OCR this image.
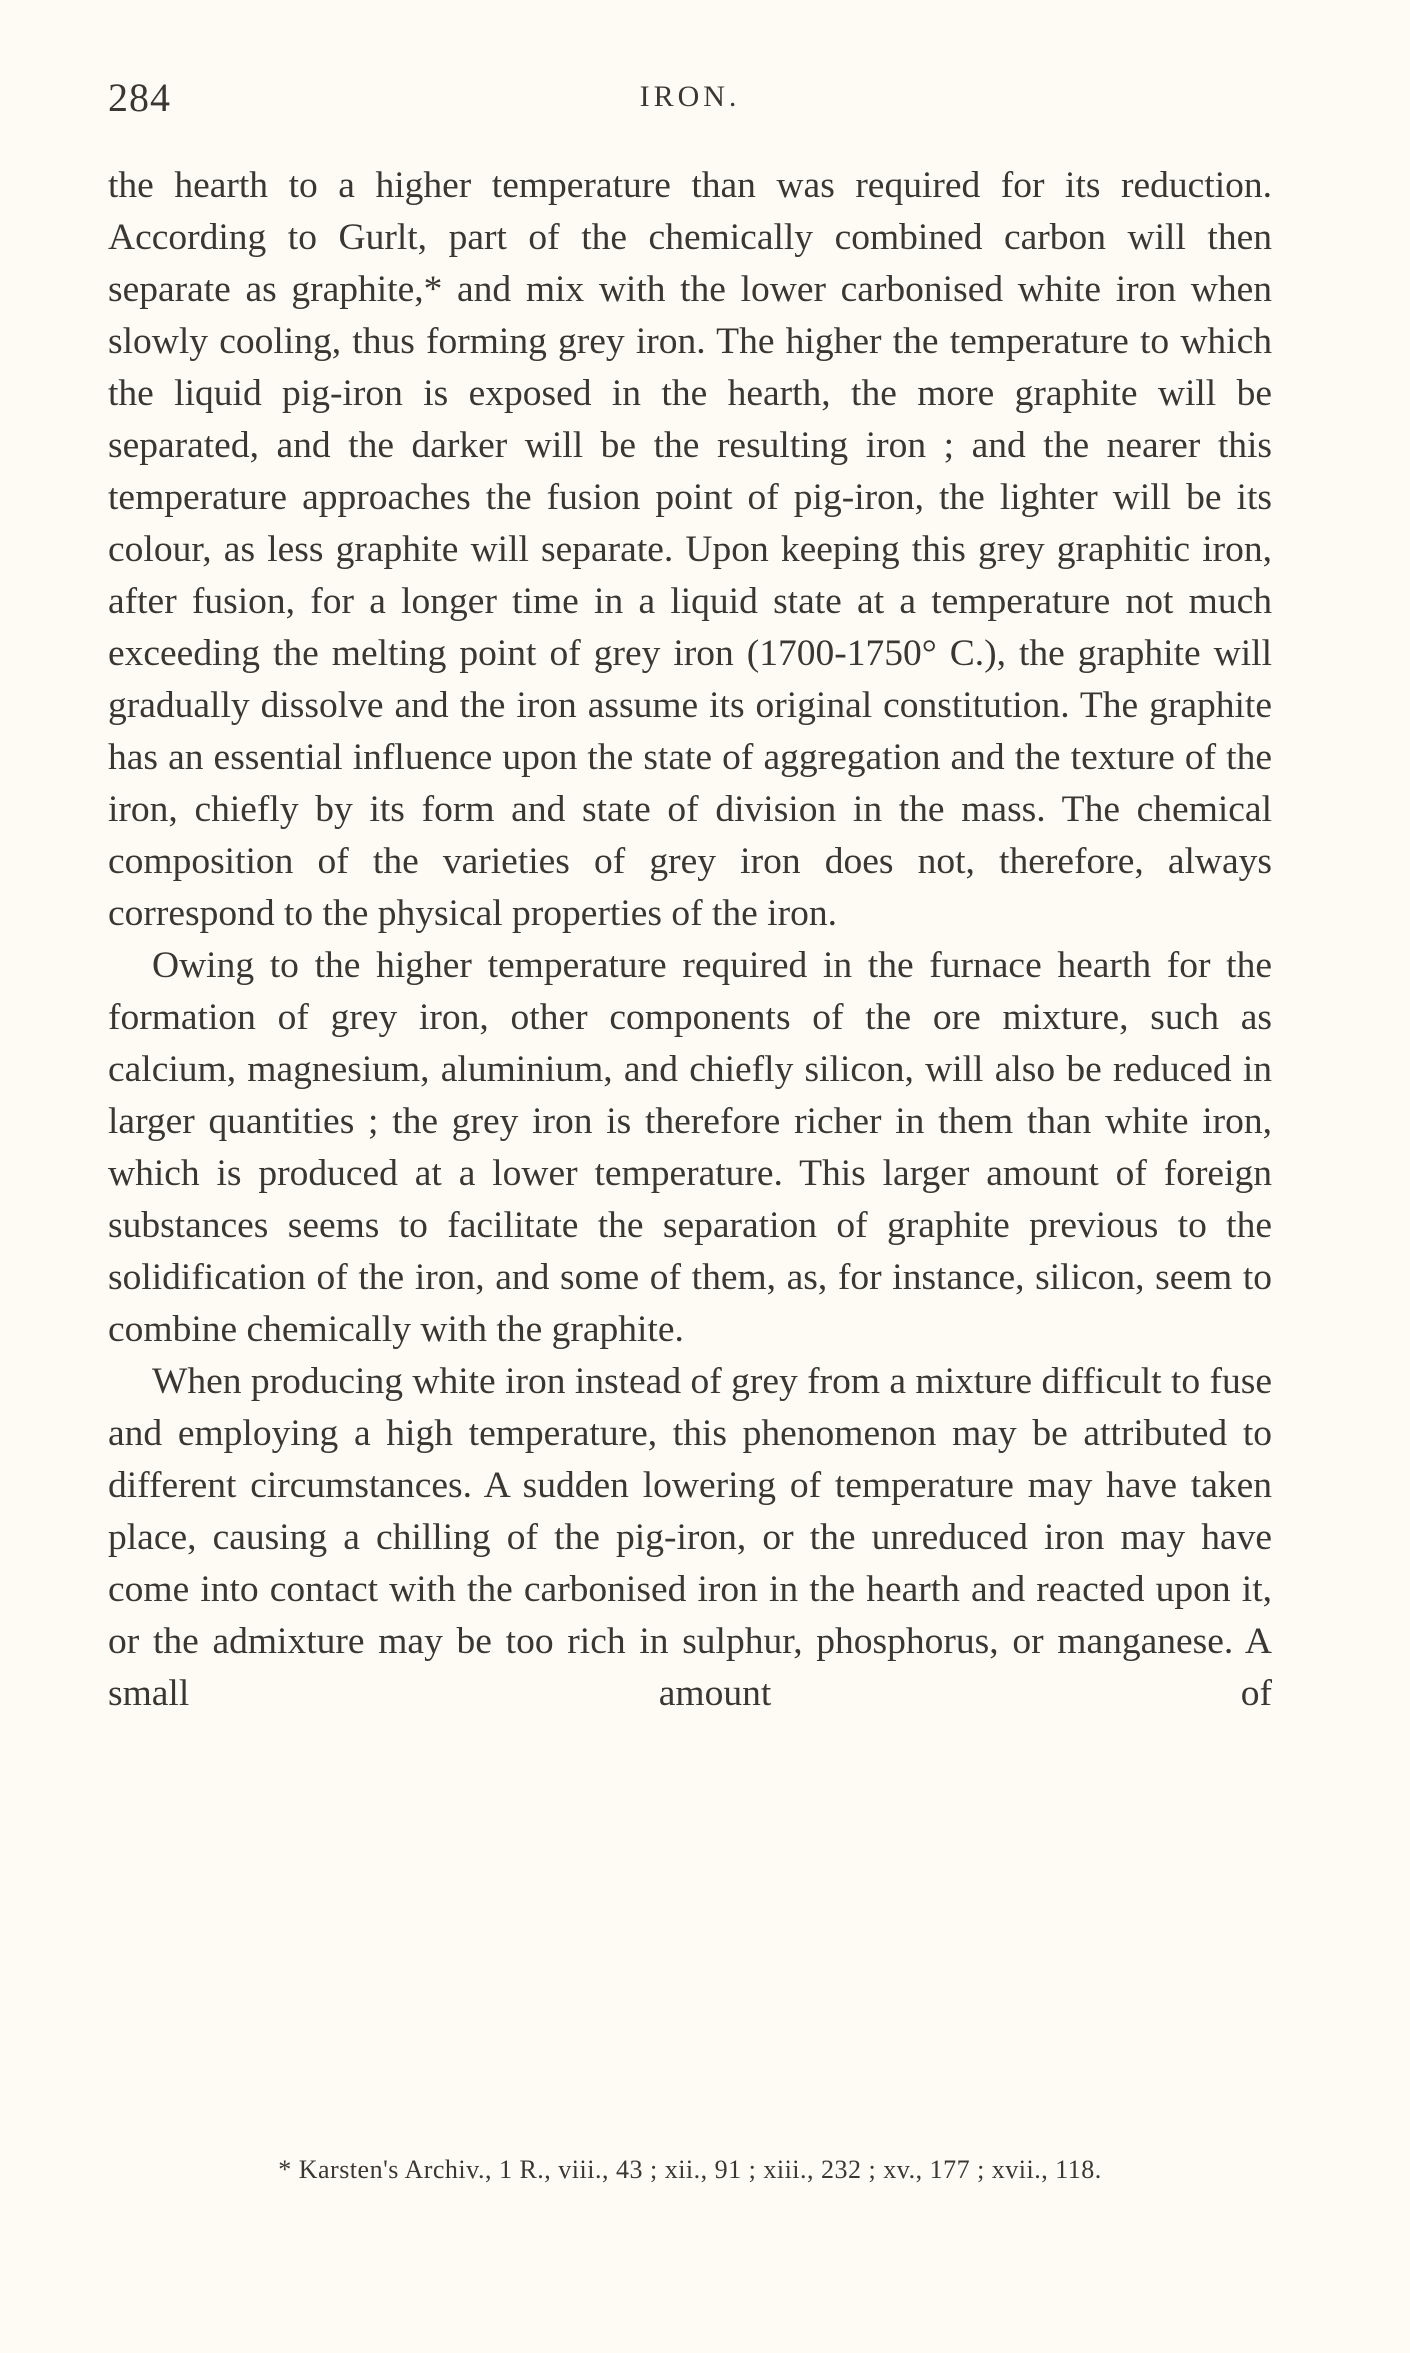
284	IRON.

the hearth to a higher temperature than was required for its reduction. According to Gurlt, part of the chemically combined carbon will then separate as graphite,* and mix with the lower carbonised white iron when slowly cooling, thus forming grey iron. The higher the temperature to which the liquid pig-iron is exposed in the hearth, the more graphite will be separated, and the darker will be the resulting iron ; and the nearer this temperature approaches the fusion point of pig-iron, the lighter will be its colour, as less graphite will separate. Upon keeping this grey graphitic iron, after fusion, for a longer time in a liquid state at a temperature not much exceeding the melting point of grey iron (1700-1750° C.), the graphite will gradually dissolve and the iron assume its original constitution. The graphite has an essential influence upon the state of aggregation and the texture of the iron, chiefly by its form and state of division in the mass. The chemical composition of the varieties of grey iron does not, therefore, always correspond to the physical properties of the iron.

Owing to the higher temperature required in the furnace hearth for the formation of grey iron, other components of the ore mixture, such as calcium, magnesium, aluminium, and chiefly silicon, will also be reduced in larger quantities ; the grey iron is therefore richer in them than white iron, which is produced at a lower temperature. This larger amount of foreign substances seems to facilitate the separation of graphite previous to the solidification of the iron, and some of them, as, for instance, silicon, seem to combine chemically with the graphite.

When producing white iron instead of grey from a mixture difficult to fuse and employing a high temperature, this phenomenon may be attributed to different circumstances. A sudden lowering of temperature may have taken place, causing a chilling of the pig-iron, or the unreduced iron may have come into contact with the carbonised iron in the hearth and reacted upon it, or the admixture may be too rich in sulphur, phosphorus, or manganese. A small amount of

* Karsten's Archiv., 1 R., viii., 43 ; xii., 91 ; xiii., 232 ; xv., 177 ; xvii., 118.
